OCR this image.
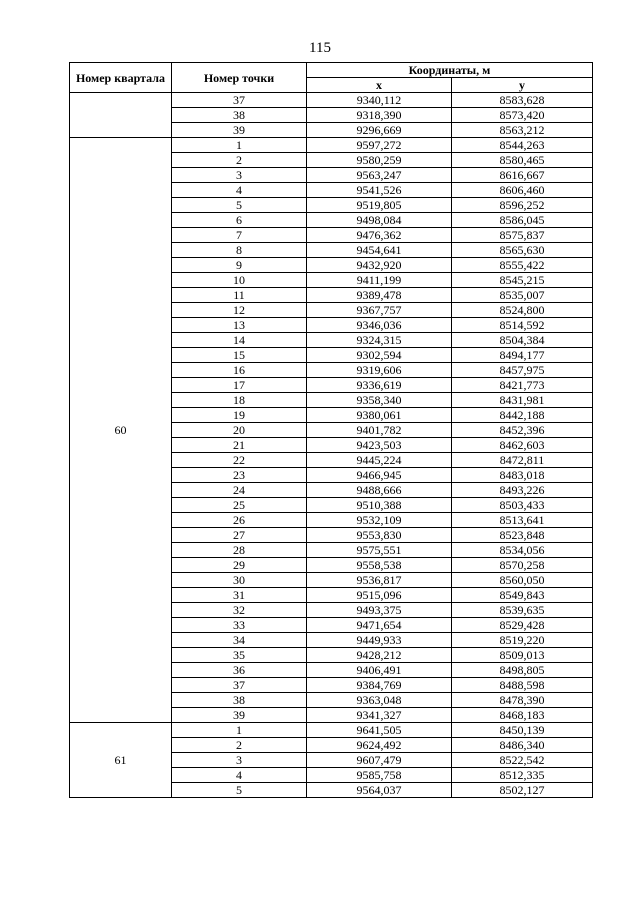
115
Номер квартала	Номер точки	Координаты, м	
		x	y
	37	9340,112	8583,628
	38	9318,390	8573,420
	39	9296,669	8563,212
60	1	9597,272	8544,263
	2	9580,259	8580,465
	3	9563,247	8616,667
	4	9541,526	8606,460
	5	9519,805	8596,252
	6	9498,084	8586,045
	7	9476,362	8575,837
	8	9454,641	8565,630
	9	9432,920	8555,422
	10	9411,199	8545,215
	11	9389,478	8535,007
	12	9367,757	8524,800
	13	9346,036	8514,592
	14	9324,315	8504,384
	15	9302,594	8494,177
	16	9319,606	8457,975
	17	9336,619	8421,773
	18	9358,340	8431,981
	19	9380,061	8442,188
	20	9401,782	8452,396
	21	9423,503	8462,603
	22	9445,224	8472,811
	23	9466,945	8483,018
	24	9488,666	8493,226
	25	9510,388	8503,433
	26	9532,109	8513,641
	27	9553,830	8523,848
	28	9575,551	8534,056
	29	9558,538	8570,258
	30	9536,817	8560,050
	31	9515,096	8549,843
	32	9493,375	8539,635
	33	9471,654	8529,428
	34	9449,933	8519,220
	35	9428,212	8509,013
	36	9406,491	8498,805
	37	9384,769	8488,598
	38	9363,048	8478,390
	39	9341,327	8468,183
61	1	9641,505	8450,139
	2	9624,492	8486,340
	3	9607,479	8522,542
	4	9585,758	8512,335
	5	9564,037	8502,127
